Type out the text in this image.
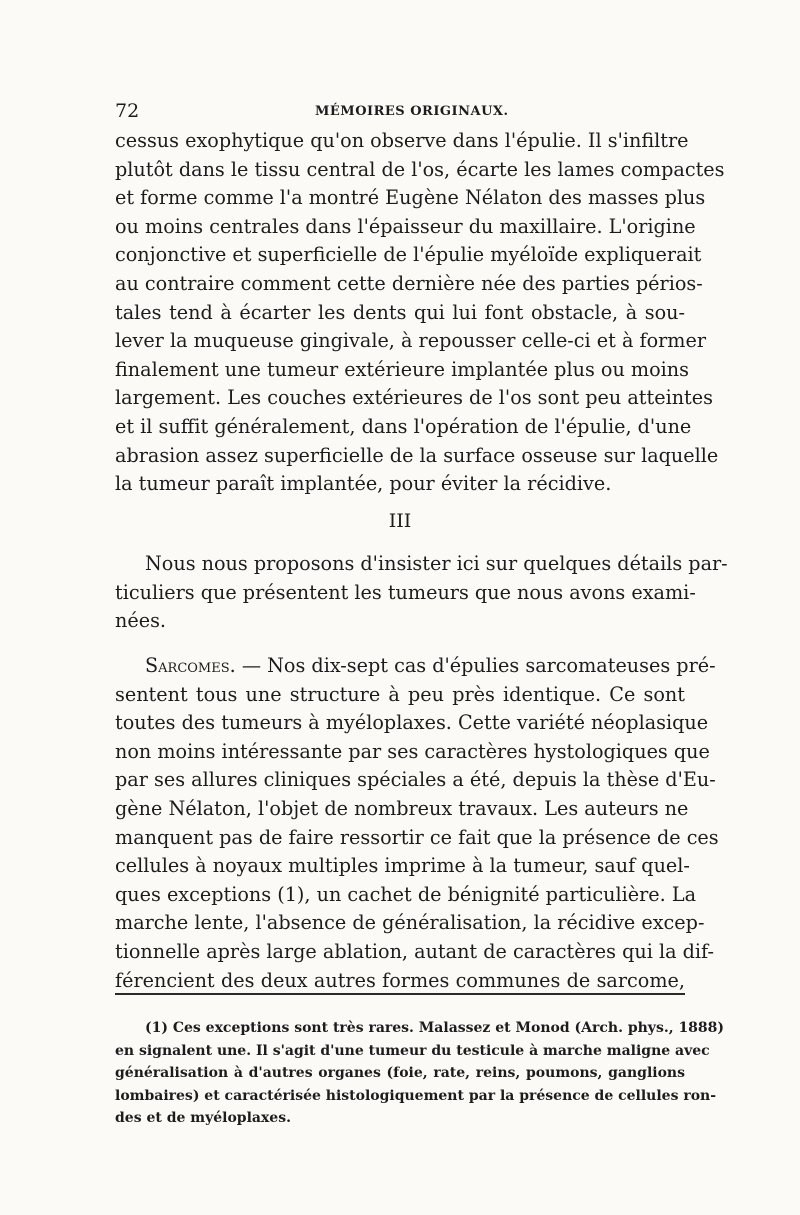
72	MÉMOIRES ORIGINAUX.
cessus exophytique qu'on observe dans l'épulie. Il s'infiltre
plutôt dans le tissu central de l'os, écarte les lames compactes
et forme comme l'a montré Eugène Nélaton des masses plus
ou moins centrales dans l'épaisseur du maxillaire. L'origine
conjonctive et superficielle de l'épulie myéloïde expliquerait
au contraire comment cette dernière née des parties périos-
tales tend à écarter les dents qui lui font obstacle, à sou-
lever la muqueuse gingivale, à repousser celle-ci et à former
finalement une tumeur extérieure implantée plus ou moins
largement. Les couches extérieures de l'os sont peu atteintes
et il suffit généralement, dans l'opération de l'épulie, d'une
abrasion assez superficielle de la surface osseuse sur laquelle
la tumeur paraît implantée, pour éviter la récidive.
III
Nous nous proposons d'insister ici sur quelques détails par-
ticuliers que présentent les tumeurs que nous avons exami-
nées.
Sarcomes. — Nos dix-sept cas d'épulies sarcomateuses pré-
sentent tous une structure à peu près identique. Ce sont
toutes des tumeurs à myéloplaxes. Cette variété néoplasique
non moins intéressante par ses caractères hystologiques que
par ses allures cliniques spéciales a été, depuis la thèse d'Eu-
gène Nélaton, l'objet de nombreux travaux. Les auteurs ne
manquent pas de faire ressortir ce fait que la présence de ces
cellules à noyaux multiples imprime à la tumeur, sauf quel-
ques exceptions (1), un cachet de bénignité particulière. La
marche lente, l'absence de généralisation, la récidive excep-
tionnelle après large ablation, autant de caractères qui la dif-
férencient des deux autres formes communes de sarcome,
(1) Ces exceptions sont très rares. Malassez et Monod (Arch. phys., 1888)
en signalent une. Il s'agit d'une tumeur du testicule à marche maligne avec
généralisation à d'autres organes (foie, rate, reins, poumons, ganglions
lombaires) et caractérisée histologiquement par la présence de cellules ron-
des et de myéloplaxes.
